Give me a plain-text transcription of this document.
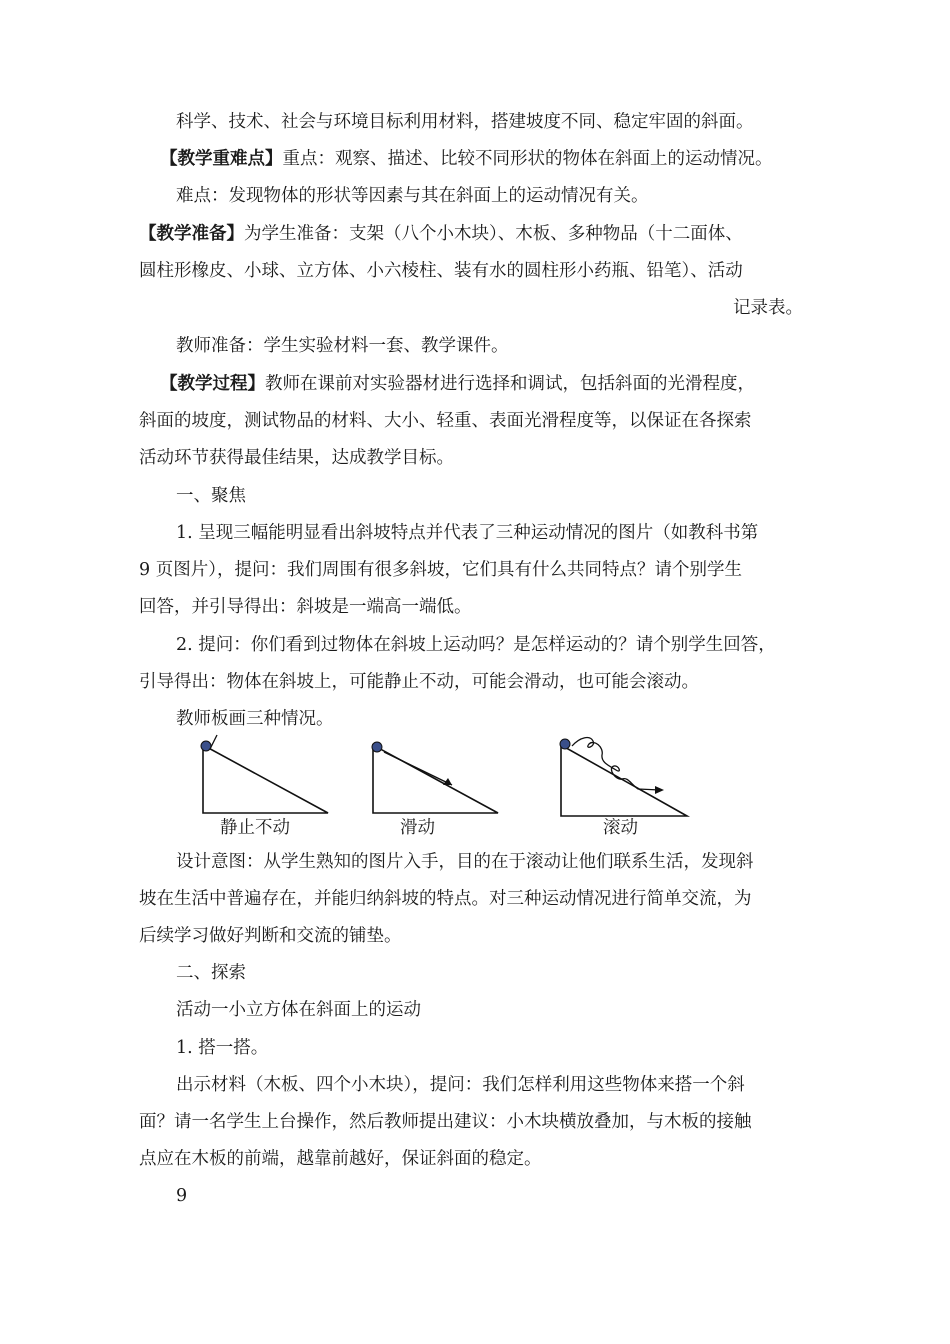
科学、技术、社会与环境目标利用材料，搭建坡度不同、稳定牢固的斜面。
【教学重难点】重点：观察、描述、比较不同形状的物体在斜面上的运动情况。
难点：发现物体的形状等因素与其在斜面上的运动情况有关。
【教学准备】为学生准备：支架（八个小木块）、木板、多种物品（十二面体、
圆柱形橡皮、小球、立方体、小六棱柱、装有水的圆柱形小药瓶、铅笔）、活动
记录表。
教师准备：学生实验材料一套、教学课件。
【教学过程】教师在课前对实验器材进行选择和调试，包括斜面的光滑程度，
斜面的坡度，测试物品的材料、大小、轻重、表面光滑程度等，以保证在各探索
活动环节获得最佳结果，达成教学目标。
一、聚焦
1. 呈现三幅能明显看出斜坡特点并代表了三种运动情况的图片（如教科书第
9 页图片），提问：我们周围有很多斜坡，它们具有什么共同特点？请个别学生
回答，并引导得出：斜坡是一端高一端低。
2. 提问：你们看到过物体在斜坡上运动吗？是怎样运动的？请个别学生回答，
引导得出：物体在斜坡上，可能静止不动，可能会滑动，也可能会滚动。
教师板画三种情况。
静止不动	滑动	滚动
设计意图：从学生熟知的图片入手，目的在于滚动让他们联系生活，发现斜
坡在生活中普遍存在，并能归纳斜坡的特点。对三种运动情况进行简单交流，为
后续学习做好判断和交流的铺垫。
二、探索
活动一小立方体在斜面上的运动
1. 搭一搭。
出示材料（木板、四个小木块），提问：我们怎样利用这些物体来搭一个斜
面？请一名学生上台操作，然后教师提出建议：小木块横放叠加，与木板的接触
点应在木板的前端，越靠前越好，保证斜面的稳定。
9
